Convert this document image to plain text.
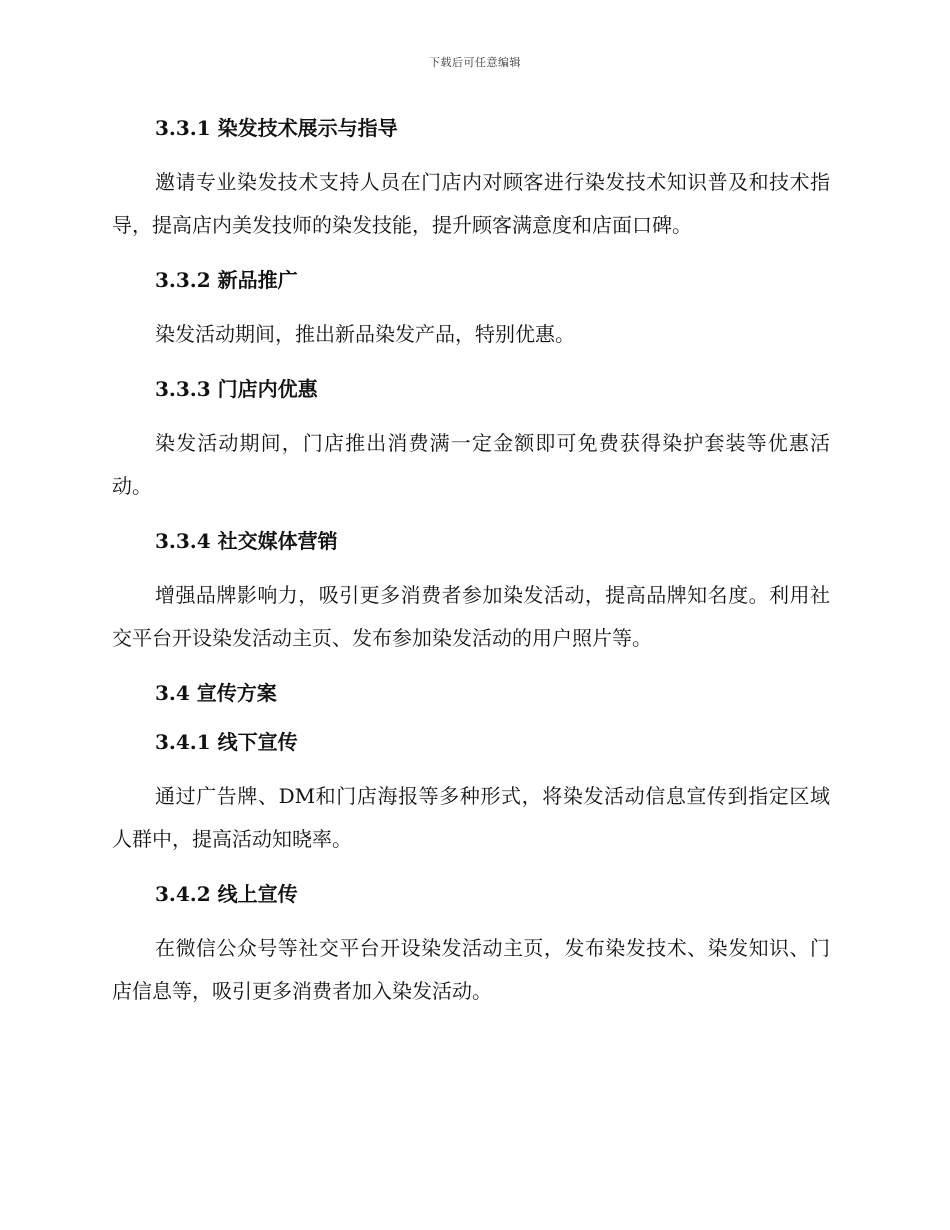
下载后可任意编辑
3.3.1 染发技术展示与指导

邀请专业染发技术支持人员在门店内对顾客进行染发技术知识普及和技术指导，提高店内美发技师的染发技能，提升顾客满意度和店面口碑。

3.3.2 新品推广

染发活动期间，推出新品染发产品，特别优惠。

3.3.3 门店内优惠

染发活动期间，门店推出消费满一定金额即可免费获得染护套装等优惠活动。

3.3.4 社交媒体营销

增强品牌影响力，吸引更多消费者参加染发活动，提高品牌知名度。利用社交平台开设染发活动主页、发布参加染发活动的用户照片等。

3.4 宣传方案
3.4.1 线下宣传

通过广告牌、DM和门店海报等多种形式，将染发活动信息宣传到指定区域人群中，提高活动知晓率。

3.4.2 线上宣传

在微信公众号等社交平台开设染发活动主页，发布染发技术、染发知识、门店信息等，吸引更多消费者加入染发活动。
